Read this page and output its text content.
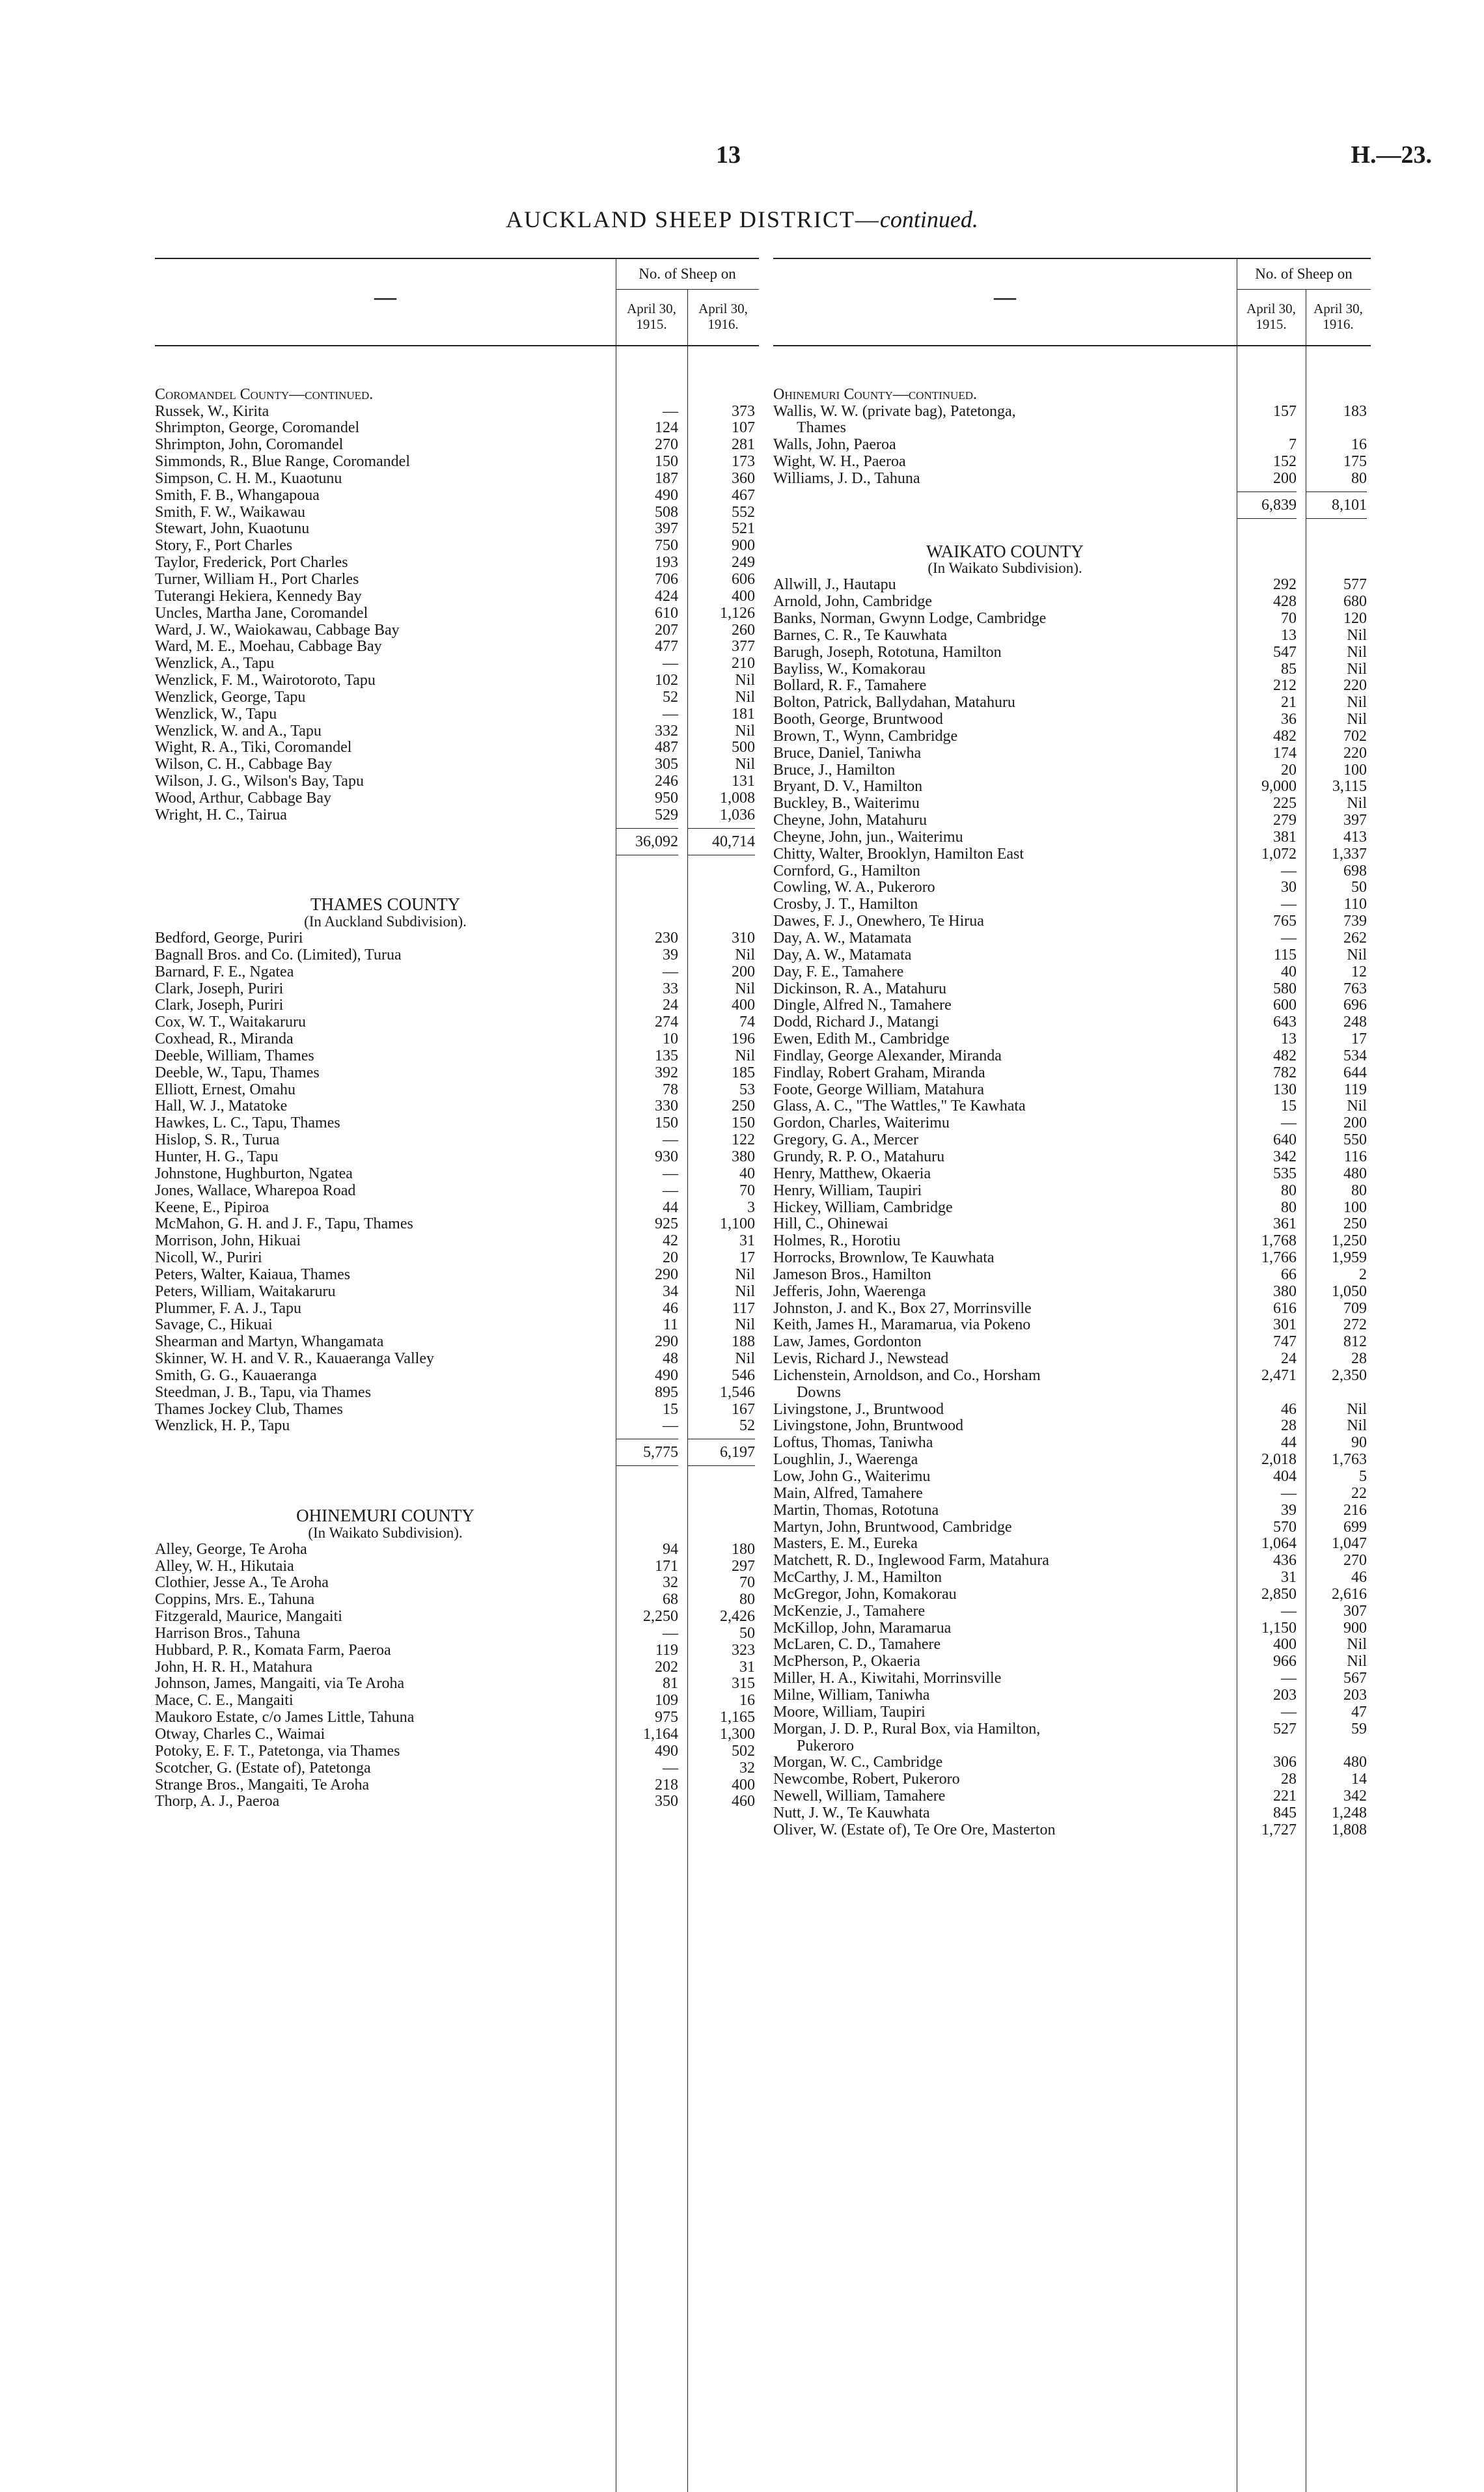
13	H.—23.
AUCKLAND SHEEP DISTRICT—continued.
—
No. of Sheep on
April 30, 1915.
April 30, 1916.
Coromandel County—continued.
Russek, W., Kirita	—	373
Shrimpton, George, Coromandel	124	107
Shrimpton, John, Coromandel	270	281
Simmonds, R., Blue Range, Coromandel	150	173
Simpson, C. H. M., Kuaotunu	187	360
Smith, F. B., Whangapoua	490	467
Smith, F. W., Waikawau	508	552
Stewart, John, Kuaotunu	397	521
Story, F., Port Charles	750	900
Taylor, Frederick, Port Charles	193	249
Turner, William H., Port Charles	706	606
Tuterangi Hekiera, Kennedy Bay	424	400
Uncles, Martha Jane, Coromandel	610	1,126
Ward, J. W., Waiokawau, Cabbage Bay	207	260
Ward, M. E., Moehau, Cabbage Bay	477	377
Wenzlick, A., Tapu	—	210
Wenzlick, F. M., Wairotoroto, Tapu	102	Nil
Wenzlick, George, Tapu	52	Nil
Wenzlick, W., Tapu	—	181
Wenzlick, W. and A., Tapu	332	Nil
Wight, R. A., Tiki, Coromandel	487	500
Wilson, C. H., Cabbage Bay	305	Nil
Wilson, J. G., Wilson's Bay, Tapu	246	131
Wood, Arthur, Cabbage Bay	950	1,008
Wright, H. C., Tairua	529	1,036
36,092	40,714
THAMES COUNTY
(In Auckland Subdivision).
Bedford, George, Puriri	230	310
Bagnall Bros. and Co. (Limited), Turua	39	Nil
Barnard, F. E., Ngatea	—	200
Clark, Joseph, Puriri	33	Nil
Clark, Joseph, Puriri	24	400
Cox, W. T., Waitakaruru	274	74
Coxhead, R., Miranda	10	196
Deeble, William, Thames	135	Nil
Deeble, W., Tapu, Thames	392	185
Elliott, Ernest, Omahu	78	53
Hall, W. J., Matatoke	330	250
Hawkes, L. C., Tapu, Thames	150	150
Hislop, S. R., Turua	—	122
Hunter, H. G., Tapu	930	380
Johnstone, Hughburton, Ngatea	—	40
Jones, Wallace, Wharepoa Road	—	70
Keene, E., Pipiroa	44	3
McMahon, G. H. and J. F., Tapu, Thames	925	1,100
Morrison, John, Hikuai	42	31
Nicoll, W., Puriri	20	17
Peters, Walter, Kaiaua, Thames	290	Nil
Peters, William, Waitakaruru	34	Nil
Plummer, F. A. J., Tapu	46	117
Savage, C., Hikuai	11	Nil
Shearman and Martyn, Whangamata	290	188
Skinner, W. H. and V. R., Kauaeranga Valley	48	Nil
Smith, G. G., Kauaeranga	490	546
Steedman, J. B., Tapu, via Thames	895	1,546
Thames Jockey Club, Thames	15	167
Wenzlick, H. P., Tapu	—	52
5,775	6,197
OHINEMURI COUNTY
(In Waikato Subdivision).
Alley, George, Te Aroha	94	180
Alley, W. H., Hikutaia	171	297
Clothier, Jesse A., Te Aroha	32	70
Coppins, Mrs. E., Tahuna	68	80
Fitzgerald, Maurice, Mangaiti	2,250	2,426
Harrison Bros., Tahuna	—	50
Hubbard, P. R., Komata Farm, Paeroa	119	323
John, H. R. H., Matahura	202	31
Johnson, James, Mangaiti, via Te Aroha	81	315
Mace, C. E., Mangaiti	109	16
Maukoro Estate, c/o James Little, Tahuna	975	1,165
Otway, Charles C., Waimai	1,164	1,300
Potoky, E. F. T., Patetonga, via Thames	490	502
Scotcher, G. (Estate of), Patetonga	—	32
Strange Bros., Mangaiti, Te Aroha	218	400
Thorp, A. J., Paeroa	350	460
—
No. of Sheep on
April 30, 1915.
April 30, 1916.
Ohinemuri County—continued.
Wallis, W. W. (private bag), Patetonga,	157	183
Thames
Walls, John, Paeroa	7	16
Wight, W. H., Paeroa	152	175
Williams, J. D., Tahuna	200	80
6,839	8,101
WAIKATO COUNTY
(In Waikato Subdivision).
Allwill, J., Hautapu	292	577
Arnold, John, Cambridge	428	680
Banks, Norman, Gwynn Lodge, Cambridge	70	120
Barnes, C. R., Te Kauwhata	13	Nil
Barugh, Joseph, Rototuna, Hamilton	547	Nil
Bayliss, W., Komakorau	85	Nil
Bollard, R. F., Tamahere	212	220
Bolton, Patrick, Ballydahan, Matahuru	21	Nil
Booth, George, Bruntwood	36	Nil
Brown, T., Wynn, Cambridge	482	702
Bruce, Daniel, Taniwha	174	220
Bruce, J., Hamilton	20	100
Bryant, D. V., Hamilton	9,000	3,115
Buckley, B., Waiterimu	225	Nil
Cheyne, John, Matahuru	279	397
Cheyne, John, jun., Waiterimu	381	413
Chitty, Walter, Brooklyn, Hamilton East	1,072	1,337
Cornford, G., Hamilton	—	698
Cowling, W. A., Pukeroro	30	50
Crosby, J. T., Hamilton	—	110
Dawes, F. J., Onewhero, Te Hirua	765	739
Day, A. W., Matamata	—	262
Day, A. W., Matamata	115	Nil
Day, F. E., Tamahere	40	12
Dickinson, R. A., Matahuru	580	763
Dingle, Alfred N., Tamahere	600	696
Dodd, Richard J., Matangi	643	248
Ewen, Edith M., Cambridge	13	17
Findlay, George Alexander, Miranda	482	534
Findlay, Robert Graham, Miranda	782	644
Foote, George William, Matahura	130	119
Glass, A. C., "The Wattles," Te Kawhata	15	Nil
Gordon, Charles, Waiterimu	—	200
Gregory, G. A., Mercer	640	550
Grundy, R. P. O., Matahuru	342	116
Henry, Matthew, Okaeria	535	480
Henry, William, Taupiri	80	80
Hickey, William, Cambridge	80	100
Hill, C., Ohinewai	361	250
Holmes, R., Horotiu	1,768	1,250
Horrocks, Brownlow, Te Kauwhata	1,766	1,959
Jameson Bros., Hamilton	66	2
Jefferis, John, Waerenga	380	1,050
Johnston, J. and K., Box 27, Morrinsville	616	709
Keith, James H., Maramarua, via Pokeno	301	272
Law, James, Gordonton	747	812
Levis, Richard J., Newstead	24	28
Lichenstein, Arnoldson, and Co., Horsham	2,471	2,350
Downs
Livingstone, J., Bruntwood	46	Nil
Livingstone, John, Bruntwood	28	Nil
Loftus, Thomas, Taniwha	44	90
Loughlin, J., Waerenga	2,018	1,763
Low, John G., Waiterimu	404	5
Main, Alfred, Tamahere	—	22
Martin, Thomas, Rototuna	39	216
Martyn, John, Bruntwood, Cambridge	570	699
Masters, E. M., Eureka	1,064	1,047
Matchett, R. D., Inglewood Farm, Matahura	436	270
McCarthy, J. M., Hamilton	31	46
McGregor, John, Komakorau	2,850	2,616
McKenzie, J., Tamahere	—	307
McKillop, John, Maramarua	1,150	900
McLaren, C. D., Tamahere	400	Nil
McPherson, P., Okaeria	966	Nil
Miller, H. A., Kiwitahi, Morrinsville	—	567
Milne, William, Taniwha	203	203
Moore, William, Taupiri	—	47
Morgan, J. D. P., Rural Box, via Hamilton,	527	59
Pukeroro
Morgan, W. C., Cambridge	306	480
Newcombe, Robert, Pukeroro	28	14
Newell, William, Tamahere	221	342
Nutt, J. W., Te Kauwhata	845	1,248
Oliver, W. (Estate of), Te Ore Ore, Masterton	1,727	1,808
